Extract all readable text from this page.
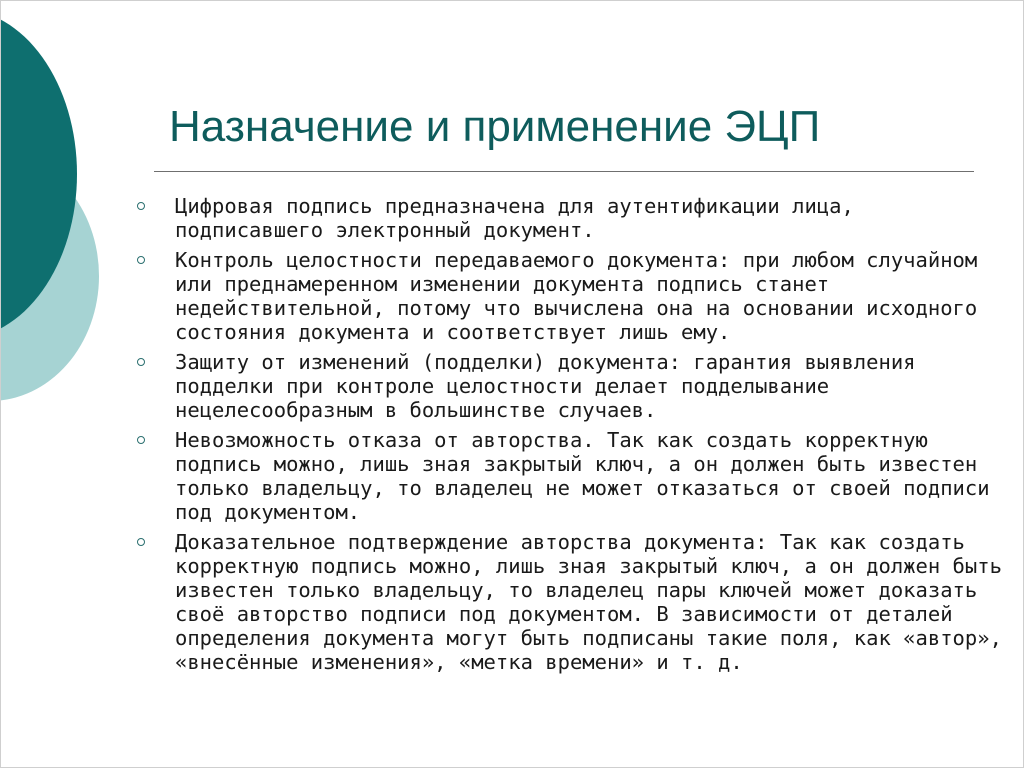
Назначение и применение ЭЦП
Цифровая подпись предназначена для аутентификации лица, подписавшего электронный документ.
Контроль целостности передаваемого документа: при любом случайном или преднамеренном изменении документа подпись станет недействительной, потому что вычислена она на основании исходного состояния документа и соответствует лишь ему.
Защиту от изменений (подделки) документа: гарантия выявления подделки при контроле целостности делает подделывание нецелесообразным в большинстве случаев.
Невозможность отказа от авторства. Так как создать корректную подпись можно, лишь зная закрытый ключ, а он должен быть известен только владельцу, то владелец не может отказаться от своей подписи под документом.
Доказательное подтверждение авторства документа: Так как создать корректную подпись можно, лишь зная закрытый ключ, а он должен быть известен только владельцу, то владелец пары ключей может доказать своё авторство подписи под документом. В зависимости от деталей определения документа могут быть подписаны такие поля, как «автор», «внесённые изменения», «метка времени» и т. д.
